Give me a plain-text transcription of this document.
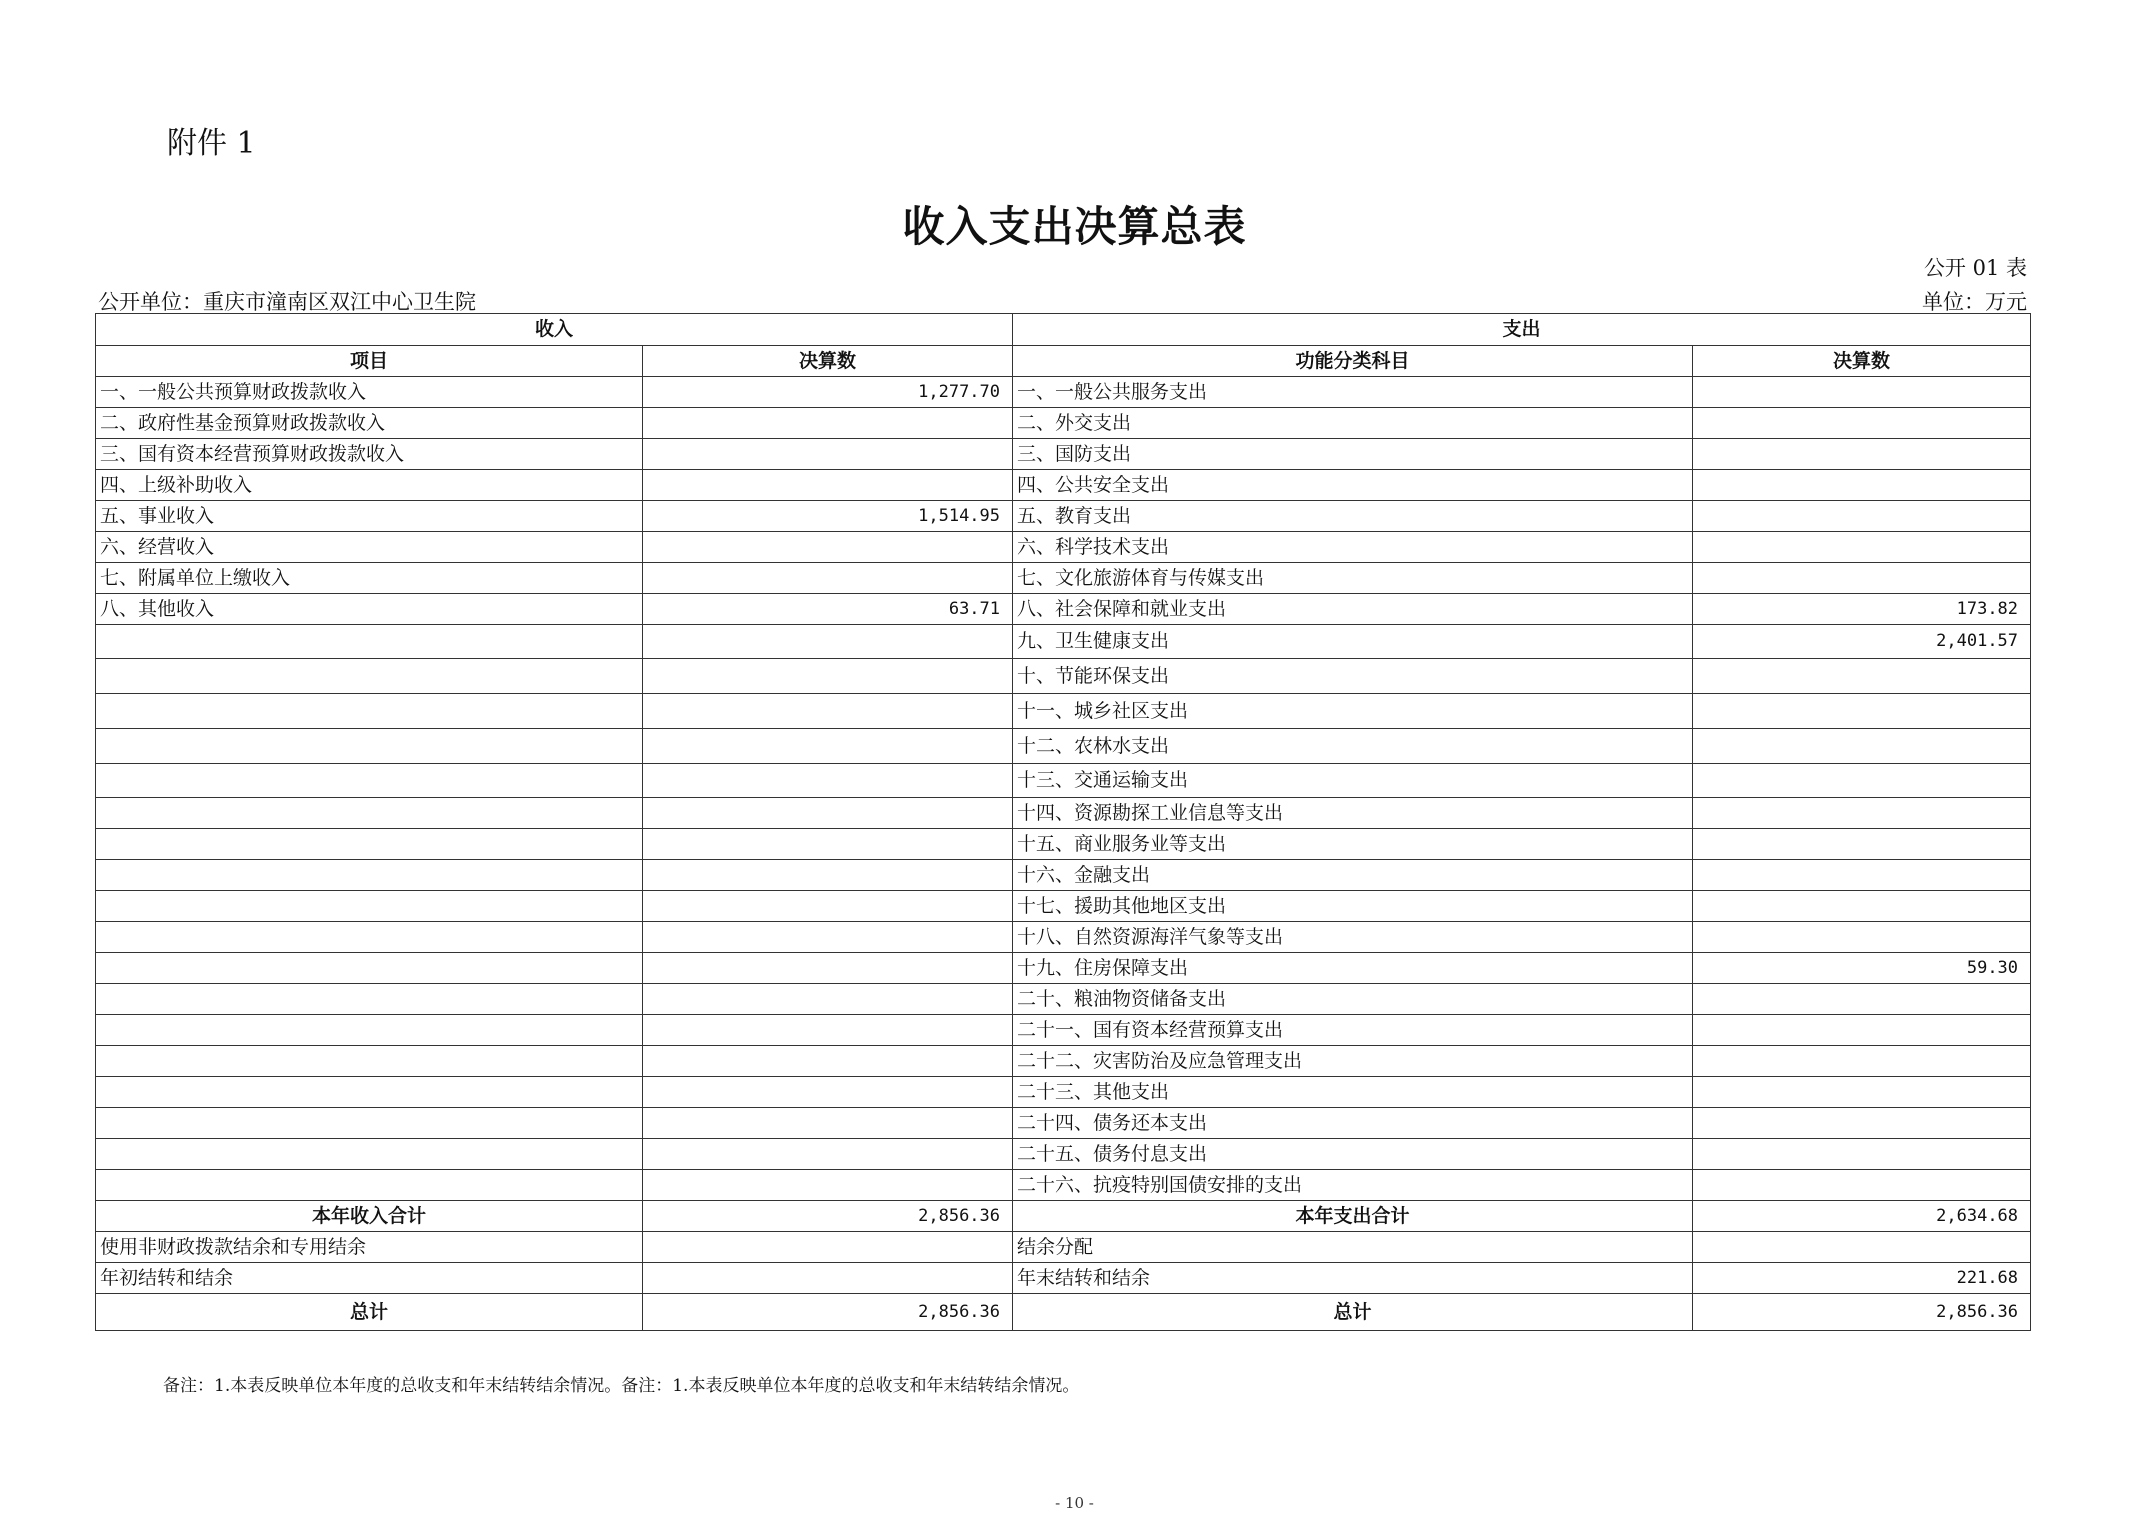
附件 1
收入支出决算总表
公开 01 表
公开单位：重庆市潼南区双江中心卫生院	单位：万元
收入		支出	
项目	决算数	功能分类科目	决算数
一、一般公共预算财政拨款收入	1,277.70	一、一般公共服务支出	
二、政府性基金预算财政拨款收入		二、外交支出	
三、国有资本经营预算财政拨款收入		三、国防支出	
四、上级补助收入		四、公共安全支出	
五、事业收入	1,514.95	五、教育支出	
六、经营收入		六、科学技术支出	
七、附属单位上缴收入		七、文化旅游体育与传媒支出	
八、其他收入	63.71	八、社会保障和就业支出	173.82
		九、卫生健康支出	2,401.57
		十、节能环保支出	
		十一、城乡社区支出	
		十二、农林水支出	
		十三、交通运输支出	
		十四、资源勘探工业信息等支出	
		十五、商业服务业等支出	
		十六、金融支出	
		十七、援助其他地区支出	
		十八、自然资源海洋气象等支出	
		十九、住房保障支出	59.30
		二十、粮油物资储备支出	
		二十一、国有资本经营预算支出	
		二十二、灾害防治及应急管理支出	
		二十三、其他支出	
		二十四、债务还本支出	
		二十五、债务付息支出	
		二十六、抗疫特别国债安排的支出	
本年收入合计	2,856.36	本年支出合计	2,634.68
使用非财政拨款结余和专用结余		结余分配	
年初结转和结余		年末结转和结余	221.68
总计	2,856.36	总计	2,856.36
备注：1.本表反映单位本年度的总收支和年末结转结余情况。备注：1.本表反映单位本年度的总收支和年末结转结余情况。
- 10 -
